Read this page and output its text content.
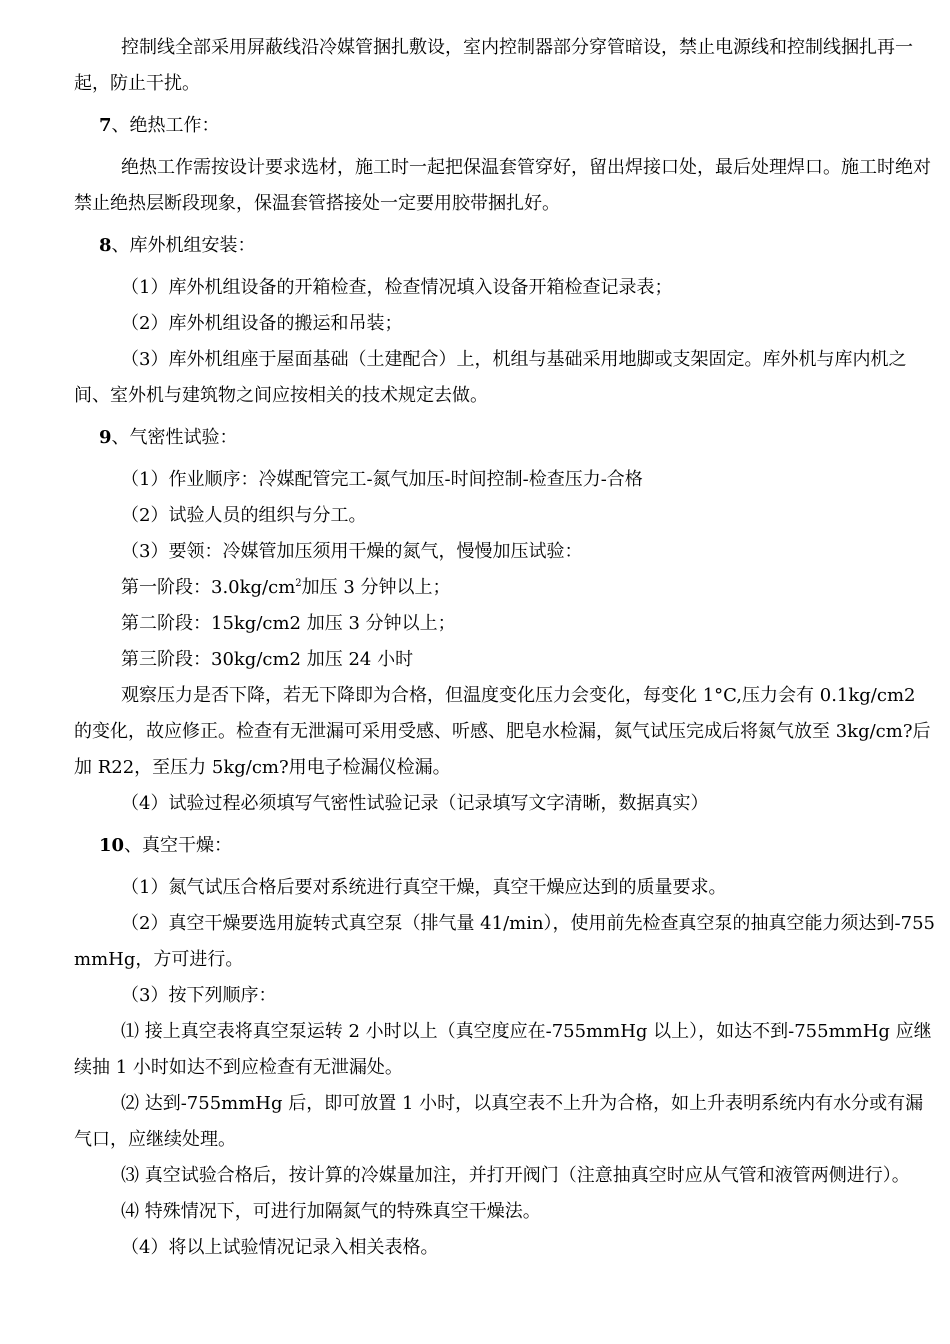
控制线全部采用屏蔽线沿冷媒管捆扎敷设，室内控制器部分穿管暗设，禁止电源线和控制线捆扎再一起，防止干扰。

7、绝热工作：

绝热工作需按设计要求选材，施工时一起把保温套管穿好，留出焊接口处，最后处理焊口。施工时绝对禁止绝热层断段现象，保温套管搭接处一定要用胶带捆扎好。

8、库外机组安装：

（1）库外机组设备的开箱检查，检查情况填入设备开箱检查记录表；

（2）库外机组设备的搬运和吊装；

（3）库外机组座于屋面基础（土建配合）上，机组与基础采用地脚或支架固定。库外机与库内机之间、室外机与建筑物之间应按相关的技术规定去做。

9、气密性试验：

（1）作业顺序：冷媒配管完工-氮气加压-时间控制-检查压力-合格

（2）试验人员的组织与分工。

（3）要领：冷媒管加压须用干燥的氮气，慢慢加压试验：

第一阶段：$3.0kg/cm^2$加压 3 分钟以上；

第二阶段：15kg/cm2 加压 3 分钟以上；

第三阶段：30kg/cm2 加压 24 小时

观察压力是否下降，若无下降即为合格，但温度变化压力会变化，每变化 1°C,压力会有 0.1kg/cm2 的变化，故应修正。检查有无泄漏可采用受感、听感、肥皂水检漏，氮气试压完成后将氮气放至 3kg/cm?后加 R22，至压力 5kg/cm?用电子检漏仪检漏。

（4）试验过程必须填写气密性试验记录（记录填写文字清晰，数据真实）

10、真空干燥：

（1）氮气试压合格后要对系统进行真空干燥，真空干燥应达到的质量要求。

（2）真空干燥要选用旋转式真空泵（排气量 41/min），使用前先检查真空泵的抽真空能力须达到-755mmHg，方可进行。

（3）按下列顺序：

⑴ 接上真空表将真空泵运转 2 小时以上（真空度应在-755mmHg 以上），如达不到-755mmHg 应继续抽 1 小时如达不到应检查有无泄漏处。

⑵ 达到-755mmHg 后，即可放置 1 小时，以真空表不上升为合格，如上升表明系统内有水分或有漏气口，应继续处理。

⑶ 真空试验合格后，按计算的冷媒量加注，并打开阀门（注意抽真空时应从气管和液管两侧进行）。

⑷ 特殊情况下，可进行加隔氮气的特殊真空干燥法。

（4）将以上试验情况记录入相关表格。
